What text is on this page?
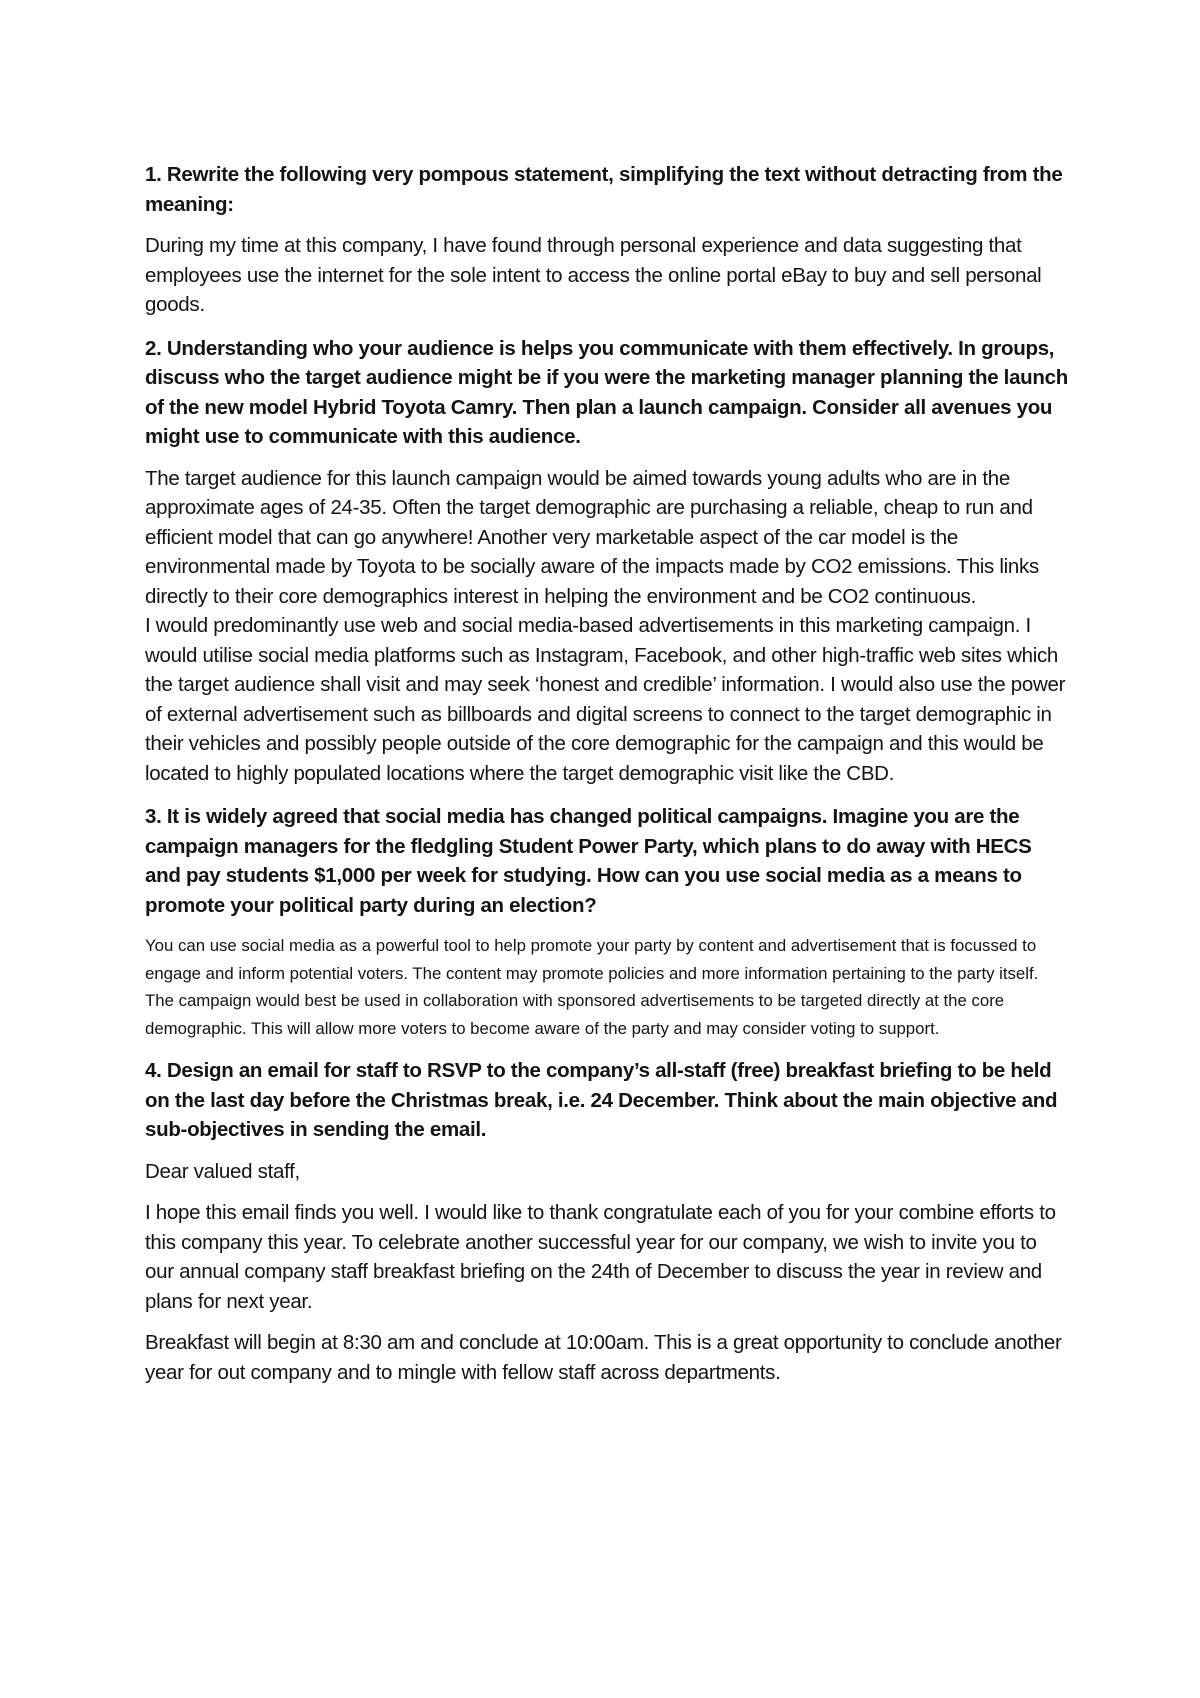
1. Rewrite the following very pompous statement, simplifying the text without detracting from the meaning:

During my time at this company, I have found through personal experience and data suggesting that employees use the internet for the sole intent to access the online portal eBay to buy and sell personal goods.

2. Understanding who your audience is helps you communicate with them effectively. In groups, discuss who the target audience might be if you were the marketing manager planning the launch of the new model Hybrid Toyota Camry. Then plan a launch campaign. Consider all avenues you might use to communicate with this audience.

The target audience for this launch campaign would be aimed towards young adults who are in the approximate ages of 24-35. Often the target demographic are purchasing a reliable, cheap to run and efficient model that can go anywhere! Another very marketable aspect of the car model is the environmental made by Toyota to be socially aware of the impacts made by CO2 emissions. This links directly to their core demographics interest in helping the environment and be CO2 continuous.

I would predominantly use web and social media-based advertisements in this marketing campaign. I would utilise social media platforms such as Instagram, Facebook, and other high-traffic web sites which the target audience shall visit and may seek ‘honest and credible’ information. I would also use the power of external advertisement such as billboards and digital screens to connect to the target demographic in their vehicles and possibly people outside of the core demographic for the campaign and this would be located to highly populated locations where the target demographic visit like the CBD.

3. It is widely agreed that social media has changed political campaigns. Imagine you are the campaign managers for the fledgling Student Power Party, which plans to do away with HECS and pay students $1,000 per week for studying. How can you use social media as a means to promote your political party during an election?

You can use social media as a powerful tool to help promote your party by content and advertisement that is focussed to engage and inform potential voters. The content may promote policies and more information pertaining to the party itself. The campaign would best be used in collaboration with sponsored advertisements to be targeted directly at the core demographic. This will allow more voters to become aware of the party and may consider voting to support.

4. Design an email for staff to RSVP to the company’s all-staff (free) breakfast briefing to be held on the last day before the Christmas break, i.e. 24 December. Think about the main objective and sub-objectives in sending the email.

Dear valued staff,

I hope this email finds you well. I would like to thank congratulate each of you for your combine efforts to this company this year. To celebrate another successful year for our company, we wish to invite you to our annual company staff breakfast briefing on the 24th of December to discuss the year in review and plans for next year.

Breakfast will begin at 8:30 am and conclude at 10:00am. This is a great opportunity to conclude another year for out company and to mingle with fellow staff across departments.
